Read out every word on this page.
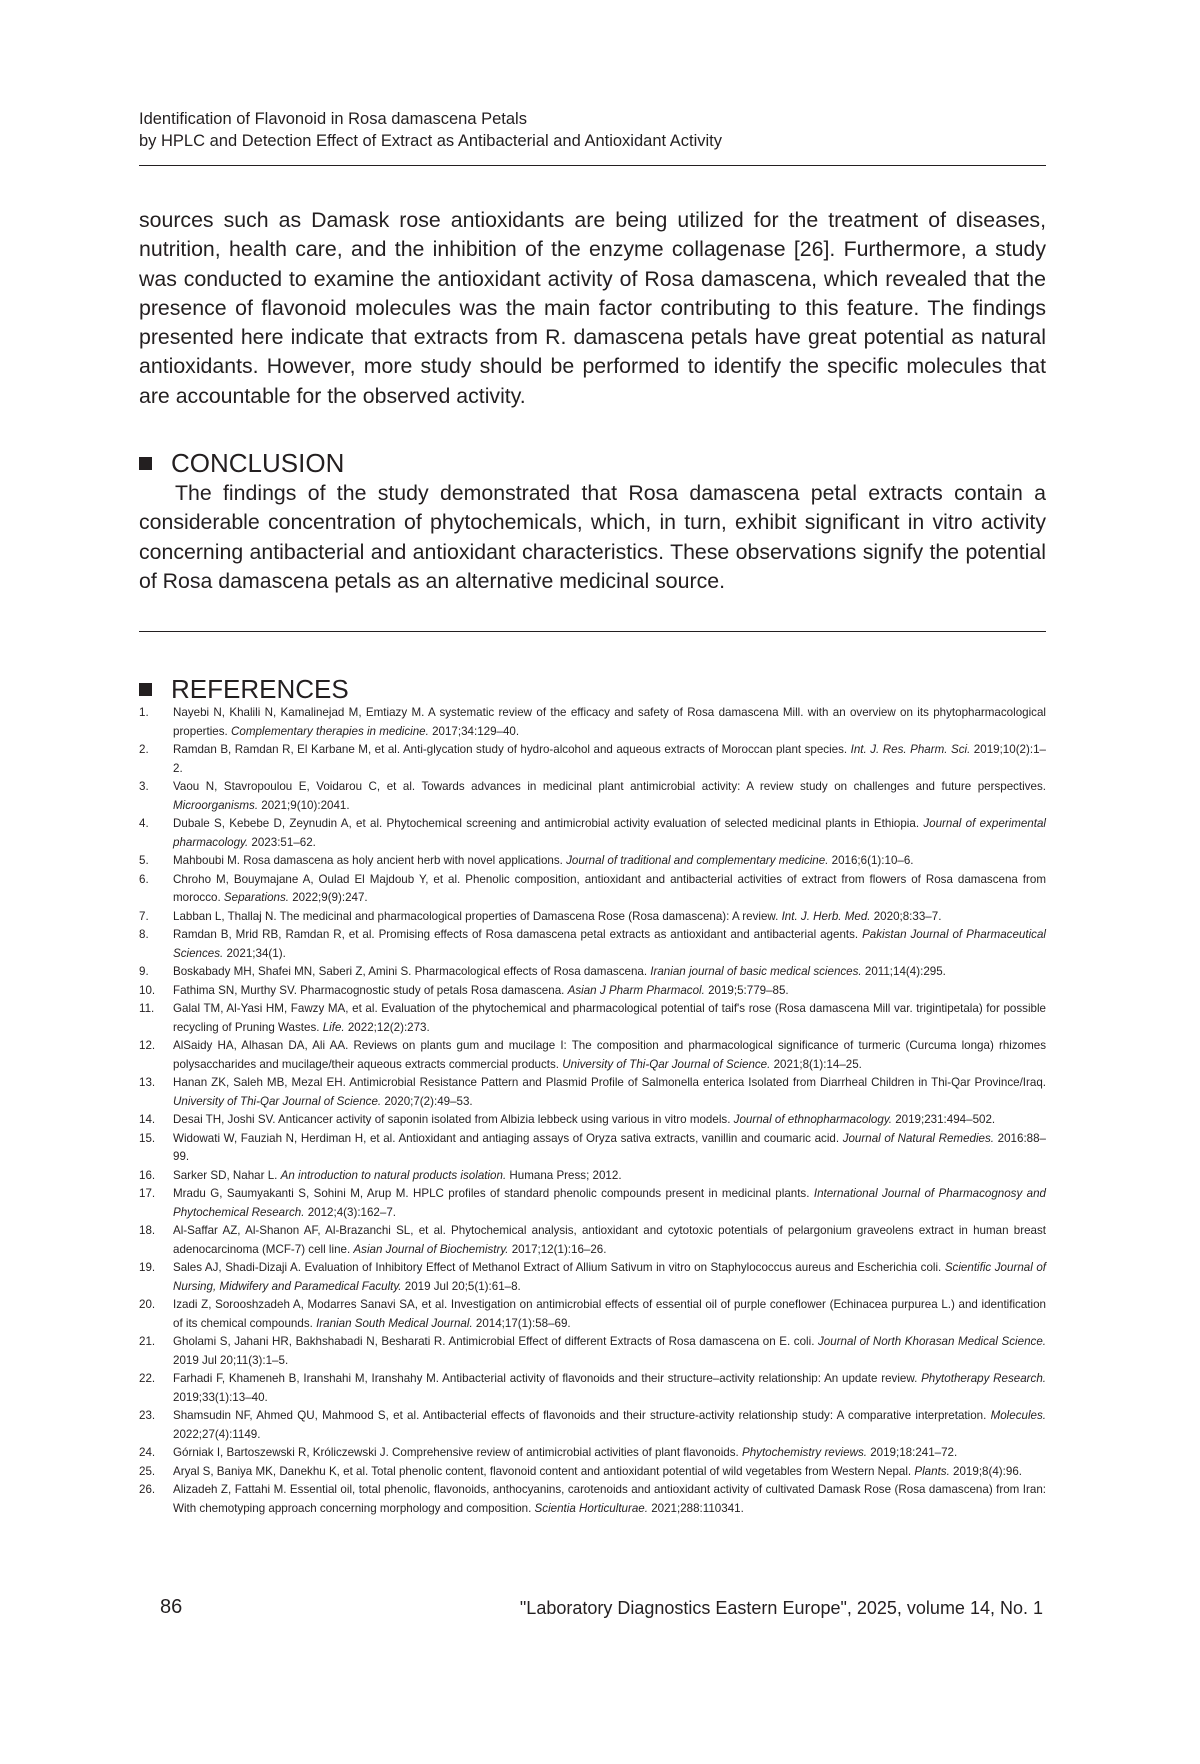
Identification of Flavonoid in Rosa damascena Petals
by HPLC and Detection Effect of Extract as Antibacterial and Antioxidant Activity

sources such as Damask rose antioxidants are being utilized for the treatment of diseases, nutrition, health care, and the inhibition of the enzyme collagenase [26]. Furthermore, a study was conducted to examine the antioxidant activity of Rosa damascena, which revealed that the presence of flavonoid molecules was the main factor contributing to this feature. The findings presented here indicate that extracts from R. damascena petals have great potential as natural antioxidants. However, more study should be performed to identify the specific molecules that are accountable for the observed activity.

CONCLUSION

The findings of the study demonstrated that Rosa damascena petal extracts contain a considerable concentration of phytochemicals, which, in turn, exhibit significant in vitro activity concerning antibacterial and antioxidant characteristics. These observations signify the potential of Rosa damascena petals as an alternative medicinal source.

REFERENCES
1.	Nayebi N, Khalili N, Kamalinejad M, Emtiazy M. A systematic review of the efficacy and safety of Rosa damascena Mill. with an overview on its phytopharmacological properties. Complementary therapies in medicine. 2017;34:129–40.
2.	Ramdan B, Ramdan R, El Karbane M, et al. Anti-glycation study of hydro-alcohol and aqueous extracts of Moroccan plant species. Int. J. Res. Pharm. Sci. 2019;10(2):1–2.
3.	Vaou N, Stavropoulou E, Voidarou C, et al. Towards advances in medicinal plant antimicrobial activity: A review study on challenges and future perspectives. Microorganisms. 2021;9(10):2041.
4.	Dubale S, Kebebe D, Zeynudin A, et al. Phytochemical screening and antimicrobial activity evaluation of selected medicinal plants in Ethiopia. Journal of experimental pharmacology. 2023:51–62.
5.	Mahboubi M. Rosa damascena as holy ancient herb with novel applications. Journal of traditional and complementary medicine. 2016;6(1):10–6.
6.	Chroho M, Bouymajane A, Oulad El Majdoub Y, et al. Phenolic composition, antioxidant and antibacterial activities of extract from flowers of Rosa damascena from morocco. Separations. 2022;9(9):247.
7.	Labban L, Thallaj N. The medicinal and pharmacological properties of Damascena Rose (Rosa damascena): A review. Int. J. Herb. Med. 2020;8:33–7.
8.	Ramdan B, Mrid RB, Ramdan R, et al. Promising effects of Rosa damascena petal extracts as antioxidant and antibacterial agents. Pakistan Journal of Pharmaceutical Sciences. 2021;34(1).
9.	Boskabady MH, Shafei MN, Saberi Z, Amini S. Pharmacological effects of Rosa damascena. Iranian journal of basic medical sciences. 2011;14(4):295.
10.	Fathima SN, Murthy SV. Pharmacognostic study of petals Rosa damascena. Asian J Pharm Pharmacol. 2019;5:779–85.
11.	Galal TM, Al-Yasi HM, Fawzy MA, et al. Evaluation of the phytochemical and pharmacological potential of taif's rose (Rosa damascena Mill var. trigintipetala) for possible recycling of Pruning Wastes. Life. 2022;12(2):273.
12.	AlSaidy HA, Alhasan DA, Ali AA. Reviews on plants gum and mucilage I: The composition and pharmacological significance of turmeric (Curcuma longa) rhizomes polysaccharides and mucilage/their aqueous extracts commercial products. University of Thi-Qar Journal of Science. 2021;8(1):14–25.
13.	Hanan ZK, Saleh MB, Mezal EH. Antimicrobial Resistance Pattern and Plasmid Profile of Salmonella enterica Isolated from Diarrheal Children in Thi-Qar Province/Iraq. University of Thi-Qar Journal of Science. 2020;7(2):49–53.
14.	Desai TH, Joshi SV. Anticancer activity of saponin isolated from Albizia lebbeck using various in vitro models. Journal of ethnopharmacology. 2019;231:494–502.
15.	Widowati W, Fauziah N, Herdiman H, et al. Antioxidant and antiaging assays of Oryza sativa extracts, vanillin and coumaric acid. Journal of Natural Remedies. 2016:88–99.
16.	Sarker SD, Nahar L. An introduction to natural products isolation. Humana Press; 2012.
17.	Mradu G, Saumyakanti S, Sohini M, Arup M. HPLC profiles of standard phenolic compounds present in medicinal plants. International Journal of Pharmacognosy and Phytochemical Research. 2012;4(3):162–7.
18.	Al-Saffar AZ, Al-Shanon AF, Al-Brazanchi SL, et al. Phytochemical analysis, antioxidant and cytotoxic potentials of pelargonium graveolens extract in human breast adenocarcinoma (MCF-7) cell line. Asian Journal of Biochemistry. 2017;12(1):16–26.
19.	Sales AJ, Shadi-Dizaji A. Evaluation of Inhibitory Effect of Methanol Extract of Allium Sativum in vitro on Staphylococcus aureus and Escherichia coli. Scientific Journal of Nursing, Midwifery and Paramedical Faculty. 2019 Jul 20;5(1):61–8.
20.	Izadi Z, Sorooshzadeh A, Modarres Sanavi SA, et al. Investigation on antimicrobial effects of essential oil of purple coneflower (Echinacea purpurea L.) and identification of its chemical compounds. Iranian South Medical Journal. 2014;17(1):58–69.
21.	Gholami S, Jahani HR, Bakhshabadi N, Besharati R. Antimicrobial Effect of different Extracts of Rosa damascena on E. coli. Journal of North Khorasan Medical Science. 2019 Jul 20;11(3):1–5.
22.	Farhadi F, Khameneh B, Iranshahi M, Iranshahy M. Antibacterial activity of flavonoids and their structure–activity relationship: An update review. Phytotherapy Research. 2019;33(1):13–40.
23.	Shamsudin NF, Ahmed QU, Mahmood S, et al. Antibacterial effects of flavonoids and their structure-activity relationship study: A comparative interpretation. Molecules. 2022;27(4):1149.
24.	Górniak I, Bartoszewski R, Króliczewski J. Comprehensive review of antimicrobial activities of plant flavonoids. Phytochemistry reviews. 2019;18:241–72.
25.	Aryal S, Baniya MK, Danekhu K, et al. Total phenolic content, flavonoid content and antioxidant potential of wild vegetables from Western Nepal. Plants. 2019;8(4):96.
26.	Alizadeh Z, Fattahi M. Essential oil, total phenolic, flavonoids, anthocyanins, carotenoids and antioxidant activity of cultivated Damask Rose (Rosa damascena) from Iran: With chemotyping approach concerning morphology and composition. Scientia Horticulturae. 2021;288:110341.
86	"Laboratory Diagnostics Eastern Europe", 2025, volume 14, No. 1
